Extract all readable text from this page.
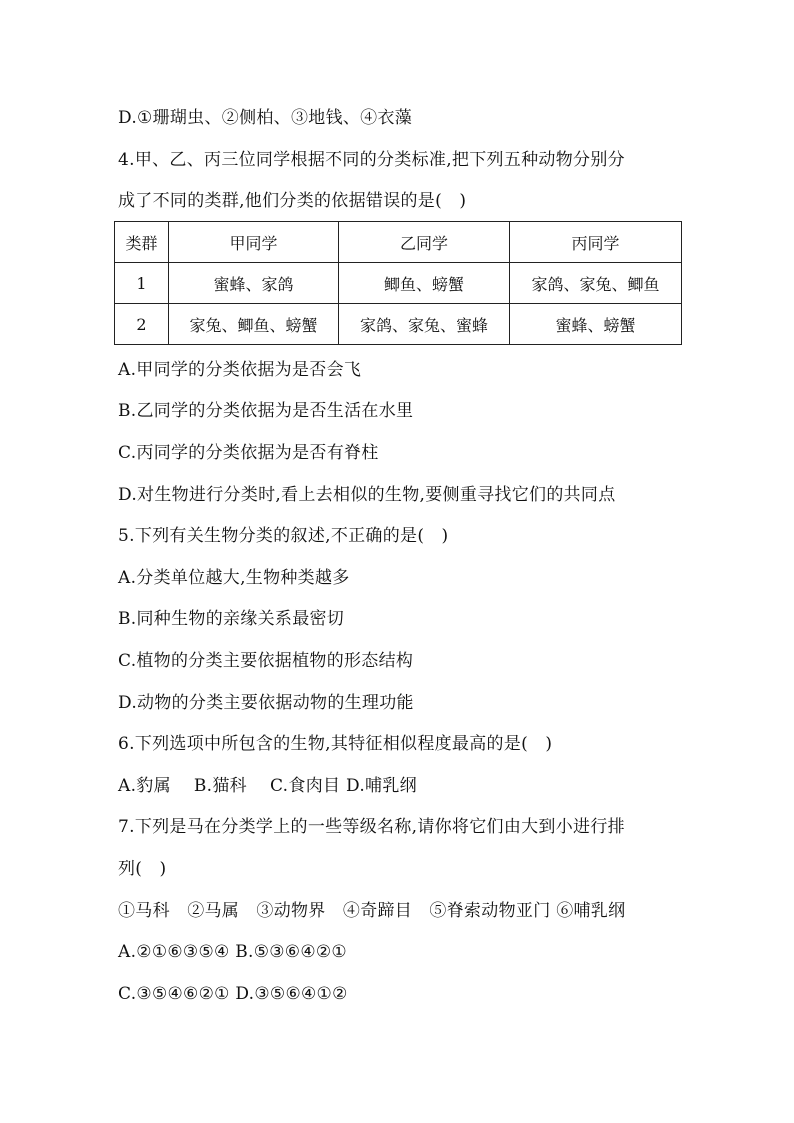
D.①珊瑚虫、②侧柏、③地钱、④衣藻
4.甲、乙、丙三位同学根据不同的分类标准,把下列五种动物分别分
成了不同的类群,他们分类的依据错误的是(　)
类群	甲同学	乙同学	丙同学
1	蜜蜂、家鸽	鲫鱼、螃蟹	家鸽、家兔、鲫鱼
2	家兔、鲫鱼、螃蟹	家鸽、家兔、蜜蜂	蜜蜂、螃蟹
A.甲同学的分类依据为是否会飞
B.乙同学的分类依据为是否生活在水里
C.丙同学的分类依据为是否有脊柱
D.对生物进行分类时,看上去相似的生物,要侧重寻找它们的共同点
5.下列有关生物分类的叙述,不正确的是(　)
A.分类单位越大,生物种类越多
B.同种生物的亲缘关系最密切
C.植物的分类主要依据植物的形态结构
D.动物的分类主要依据动物的生理功能
6.下列选项中所包含的生物,其特征相似程度最高的是(　)
A.豹属　 B.猫科　 C.食肉目 D.哺乳纲
7.下列是马在分类学上的一些等级名称,请你将它们由大到小进行排
列(　)
①马科　②马属　③动物界　④奇蹄目　⑤脊索动物亚门 ⑥哺乳纲
A.②①⑥③⑤④ B.⑤③⑥④②①
C.③⑤④⑥②① D.③⑤⑥④①②
